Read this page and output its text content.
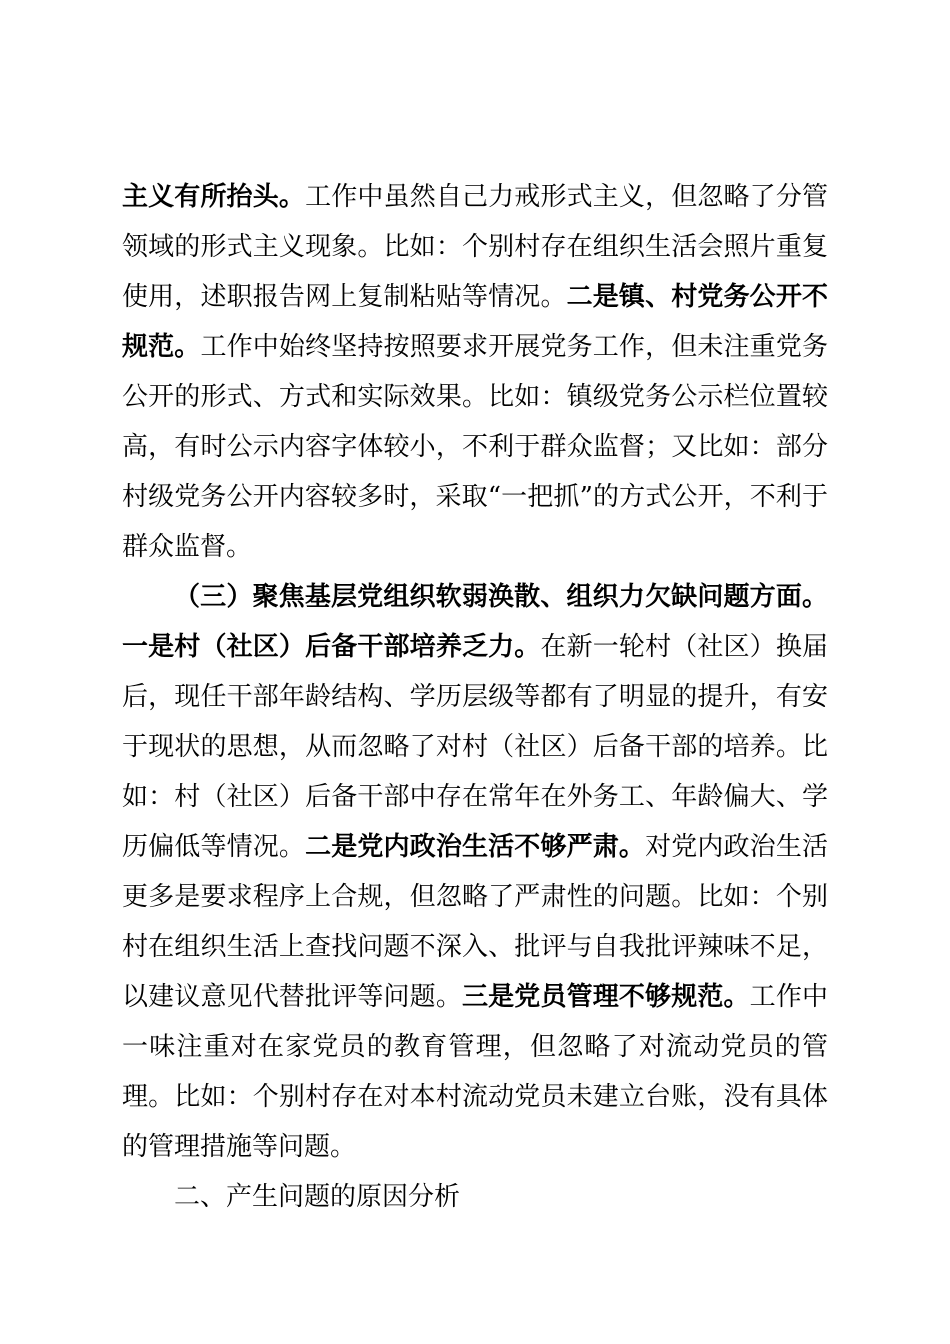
主义有所抬头。工作中虽然自己力戒形式主义，但忽略了分管领域的形式主义现象。比如：个别村存在组织生活会照片重复使用，述职报告网上复制粘贴等情况。二是镇、村党务公开不规范。工作中始终坚持按照要求开展党务工作，但未注重党务公开的形式、方式和实际效果。比如：镇级党务公示栏位置较高，有时公示内容字体较小，不利于群众监督；又比如：部分村级党务公开内容较多时，采取“一把抓”的方式公开，不利于群众监督。

（三）聚焦基层党组织软弱涣散、组织力欠缺问题方面。一是村（社区）后备干部培养乏力。在新一轮村（社区）换届后，现任干部年龄结构、学历层级等都有了明显的提升，有安于现状的思想，从而忽略了对村（社区）后备干部的培养。比如：村（社区）后备干部中存在常年在外务工、年龄偏大、学历偏低等情况。二是党内政治生活不够严肃。对党内政治生活更多是要求程序上合规，但忽略了严肃性的问题。比如：个别村在组织生活上查找问题不深入、批评与自我批评辣味不足，以建议意见代替批评等问题。三是党员管理不够规范。工作中一味注重对在家党员的教育管理，但忽略了对流动党员的管理。比如：个别村存在对本村流动党员未建立台账，没有具体的管理措施等问题。

二、产生问题的原因分析
